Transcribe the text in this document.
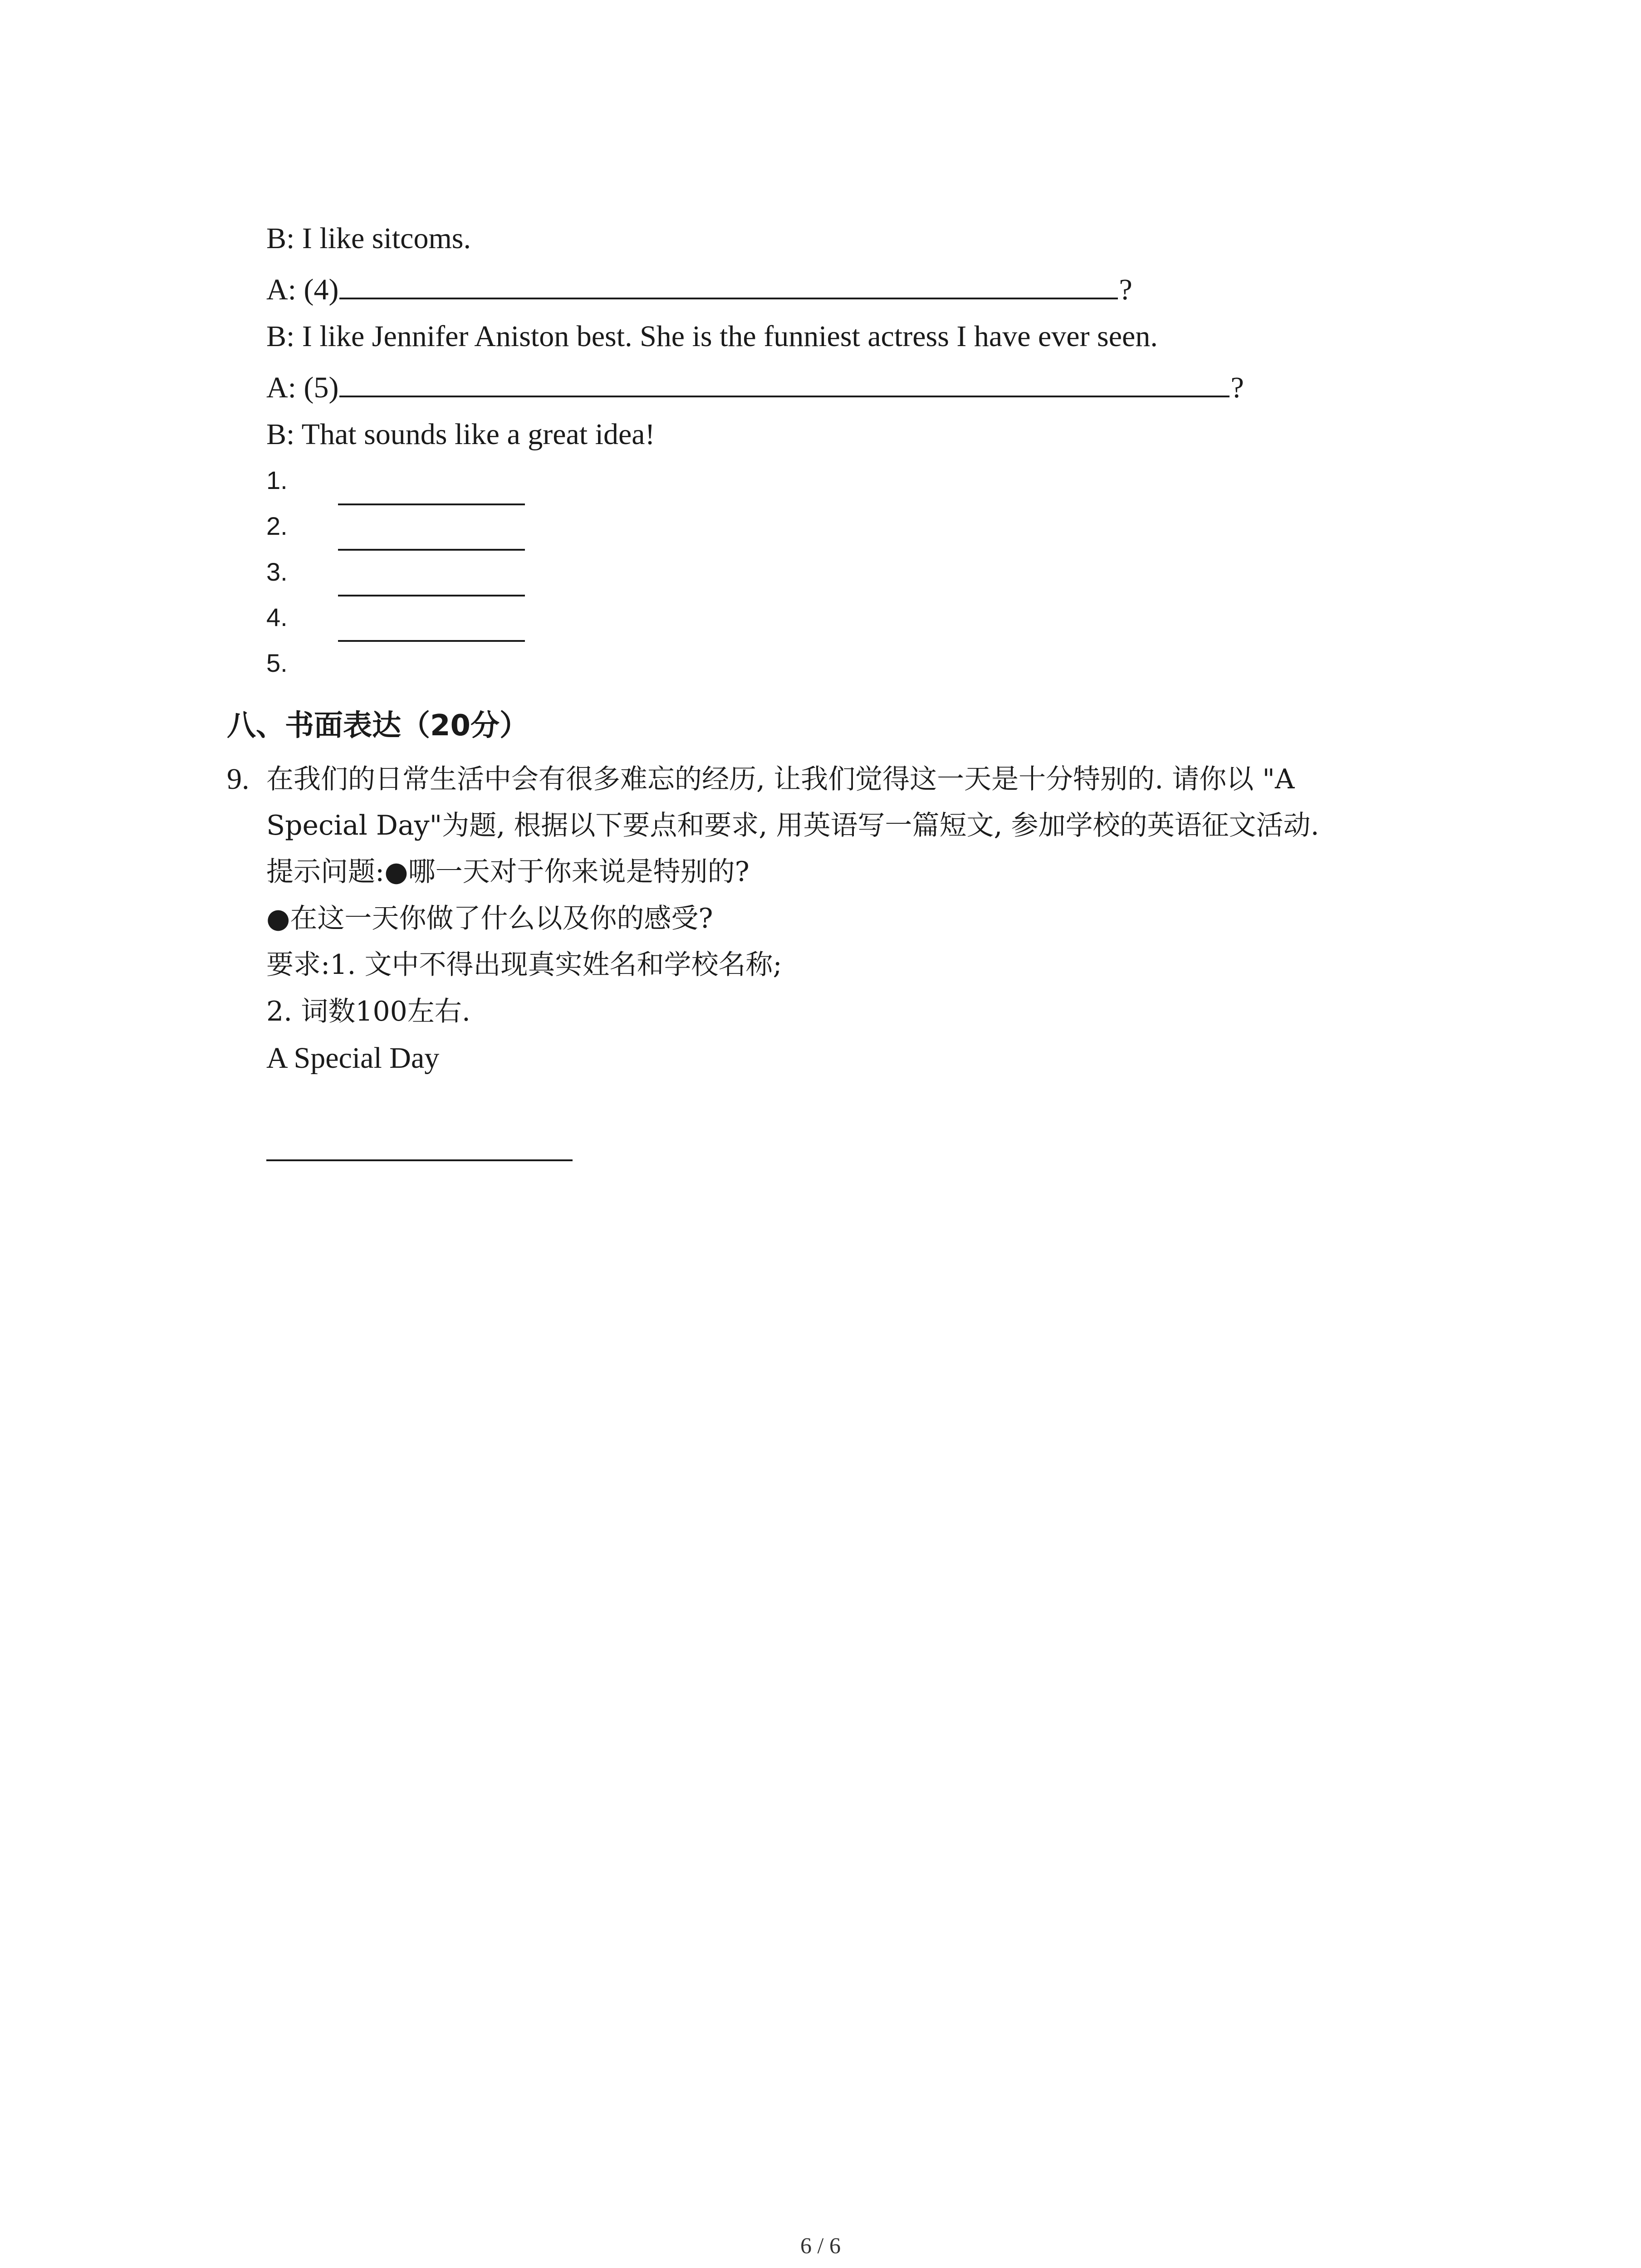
B: I like sitcoms.
A: (4)	?
B: I like Jennifer Aniston best. She is the funniest actress I have ever seen.
A: (5)	?
B: That sounds like a great idea!
1.
2.
3.
4.
5.
八、书面表达（20分）
9. 在我们的日常生活中会有很多难忘的经历, 让我们觉得这一天是十分特别的. 请你以 "A
Special Day"为题, 根据以下要点和要求, 用英语写一篇短文, 参加学校的英语征文活动.
提示问题:●哪一天对于你来说是特别的?
●在这一天你做了什么以及你的感受?
要求:1. 文中不得出现真实姓名和学校名称;
2. 词数100左右.
A Special Day
6 / 6
